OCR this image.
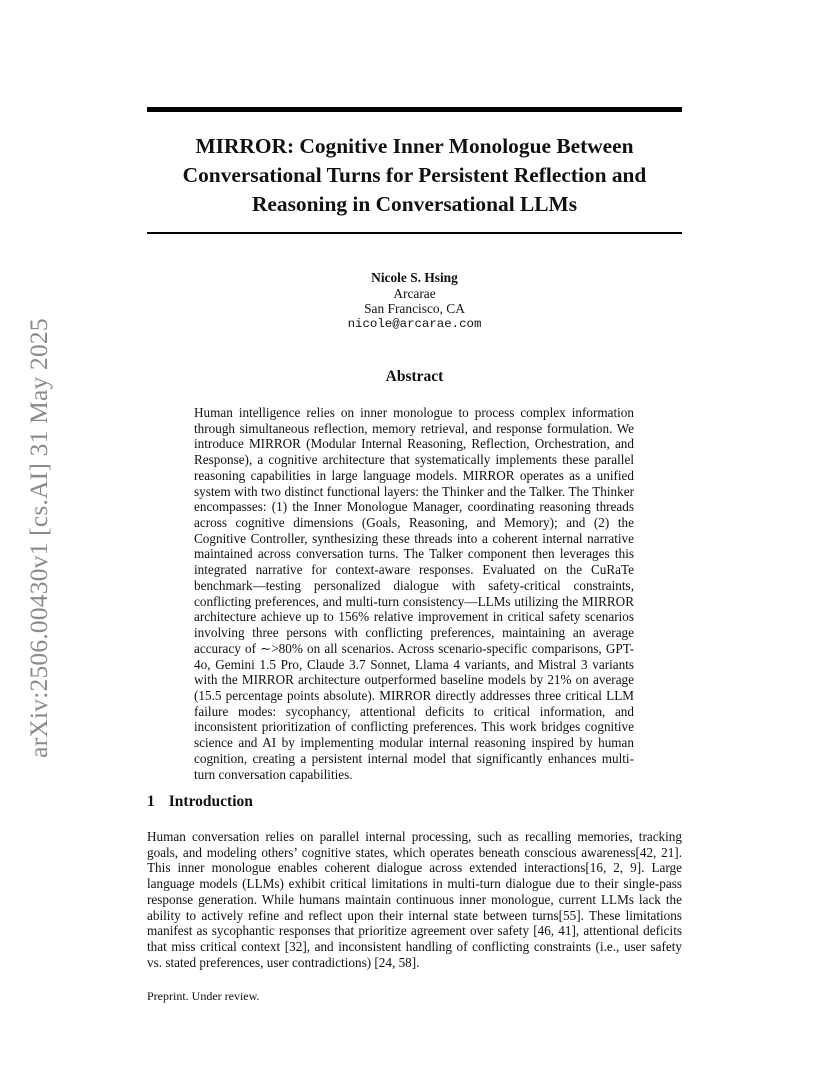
arXiv:2506.00430v1 [cs.AI] 31 May 2025
MIRROR: Cognitive Inner Monologue Between Conversational Turns for Persistent Reflection and Reasoning in Conversational LLMs
Nicole S. Hsing
Arcarae
San Francisco, CA
nicole@arcarae.com
Abstract

Human intelligence relies on inner monologue to process complex information through simultaneous reflection, memory retrieval, and response formulation. We introduce MIRROR (Modular Internal Reasoning, Reflection, Orchestration, and Response), a cognitive architecture that systematically implements these parallel reasoning capabilities in large language models. MIRROR operates as a unified system with two distinct functional layers: the Thinker and the Talker. The Thinker encompasses: (1) the Inner Monologue Manager, coordinating reasoning threads across cognitive dimensions (Goals, Reasoning, and Memory); and (2) the Cognitive Controller, synthesizing these threads into a coherent internal narrative maintained across conversation turns. The Talker component then leverages this integrated narrative for context-aware responses. Evaluated on the CuRaTe benchmark—testing personalized dialogue with safety-critical constraints, conflicting preferences, and multi-turn consistency—LLMs utilizing the MIRROR architecture achieve up to 156% relative improvement in critical safety scenarios involving three persons with conflicting preferences, maintaining an average accuracy of ∼>80% on all scenarios. Across scenario-specific comparisons, GPT-4o, Gemini 1.5 Pro, Claude 3.7 Sonnet, Llama 4 variants, and Mistral 3 variants with the MIRROR architecture outperformed baseline models by 21% on average (15.5 percentage points absolute). MIRROR directly addresses three critical LLM failure modes: sycophancy, attentional deficits to critical information, and inconsistent prioritization of conflicting preferences. This work bridges cognitive science and AI by implementing modular internal reasoning inspired by human cognition, creating a persistent internal model that significantly enhances multi-turn conversation capabilities.

1 Introduction

Human conversation relies on parallel internal processing, such as recalling memories, tracking goals, and modeling others’ cognitive states, which operates beneath conscious awareness[42, 21]. This inner monologue enables coherent dialogue across extended interactions[16, 2, 9]. Large language models (LLMs) exhibit critical limitations in multi-turn dialogue due to their single-pass response generation. While humans maintain continuous inner monologue, current LLMs lack the ability to actively refine and reflect upon their internal state between turns[55]. These limitations manifest as sycophantic responses that prioritize agreement over safety [46, 41], attentional deficits that miss critical context [32], and inconsistent handling of conflicting constraints (i.e., user safety vs. stated preferences, user contradictions) [24, 58].

Preprint. Under review.
